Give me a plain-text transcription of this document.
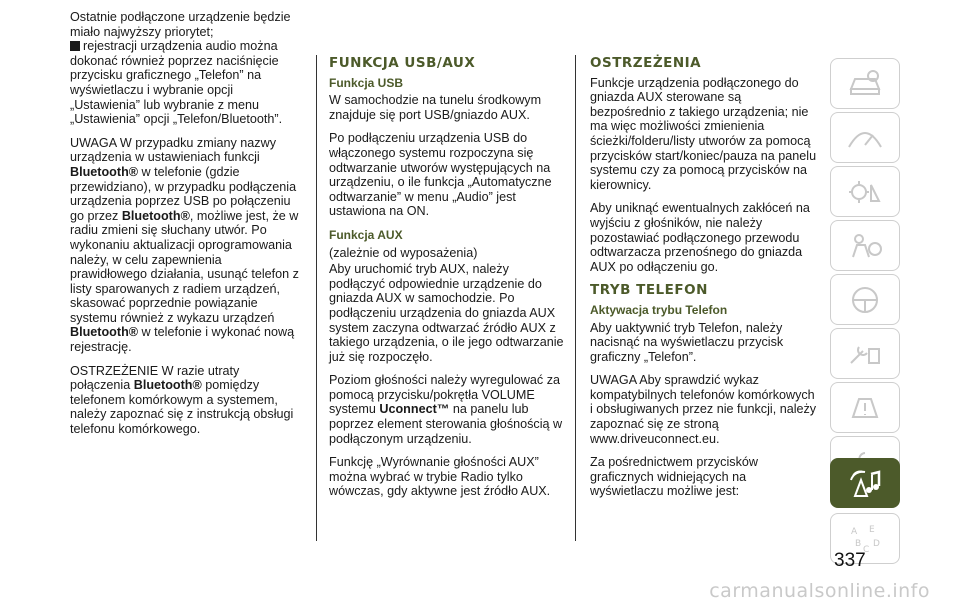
Ostatnie podłączone urządzenie będzie miało najwyższy priorytet;
rejestracji urządzenia audio można dokonać również poprzez naciśnięcie przycisku graficznego „Telefon” na wyświetlaczu i wybranie opcji „Ustawienia” lub wybranie z menu „Ustawienia” opcji „Telefon/Bluetooth”.

UWAGA W przypadku zmiany nazwy urządzenia w ustawieniach funkcji Bluetooth® w telefonie (gdzie przewidziano), w przypadku podłączenia urządzenia poprzez USB po połączeniu go przez Bluetooth®, możliwe jest, że w radiu zmieni się słuchany utwór. Po wykonaniu aktualizacji oprogramowania należy, w celu zapewnienia prawidłowego działania, usunąć telefon z listy sparowanych z radiem urządzeń, skasować poprzednie powiązanie systemu również z wykazu urządzeń Bluetooth® w telefonie i wykonać nową rejestrację.

OSTRZEŻENIE W razie utraty połączenia Bluetooth® pomiędzy telefonem komórkowym a systemem, należy zapoznać się z instrukcją obsługi telefonu komórkowego.

FUNKCJA USB/AUX
Funkcja USB

W samochodzie na tunelu środkowym znajduje się port USB/gniazdo AUX.

Po podłączeniu urządzenia USB do włączonego systemu rozpoczyna się odtwarzanie utworów występujących na urządzeniu, o ile funkcja „Automatyczne odtwarzanie” w menu „Audio” jest ustawiona na ON.

Funkcja AUX

(zależnie od wyposażenia)

Aby uruchomić tryb AUX, należy podłączyć odpowiednie urządzenie do gniazda AUX w samochodzie. Po podłączeniu urządzenia do gniazda AUX system zaczyna odtwarzać źródło AUX z takiego urządzenia, o ile jego odtwarzanie już się rozpoczęło.

Poziom głośności należy wyregulować za pomocą przycisku/pokrętła VOLUME systemu Uconnect™ na panelu lub poprzez element sterowania głośnością w podłączonym urządzeniu.

Funkcję „Wyrównanie głośności AUX” można wybrać w trybie Radio tylko wówczas, gdy aktywne jest źródło AUX.

OSTRZEŻENIA

Funkcje urządzenia podłączonego do gniazda AUX sterowane są bezpośrednio z takiego urządzenia; nie ma więc możliwości zmienienia ścieżki/folderu/listy utworów za pomocą przycisków start/koniec/pauza na panelu systemu czy za pomocą przycisków na kierownicy.

Aby uniknąć ewentualnych zakłóceń na wyjściu z głośników, nie należy pozostawiać podłączonego przewodu odtwarzacza przenośnego do gniazda AUX po odłączeniu go.

TRYB TELEFON
Aktywacja trybu Telefon

Aby uaktywnić tryb Telefon, należy nacisnąć na wyświetlaczu przycisk graficzny „Telefon”.

UWAGA Aby sprawdzić wykaz kompatybilnych telefonów komórkowych i obsługiwanych przez nie funkcji, należy zapoznać się ze stroną www.driveuconnect.eu.

Za pośrednictwem przycisków graficznych widniejących na wyświetlaczu możliwe jest:

A E
B
C
D
337
carmanualsonline.info
